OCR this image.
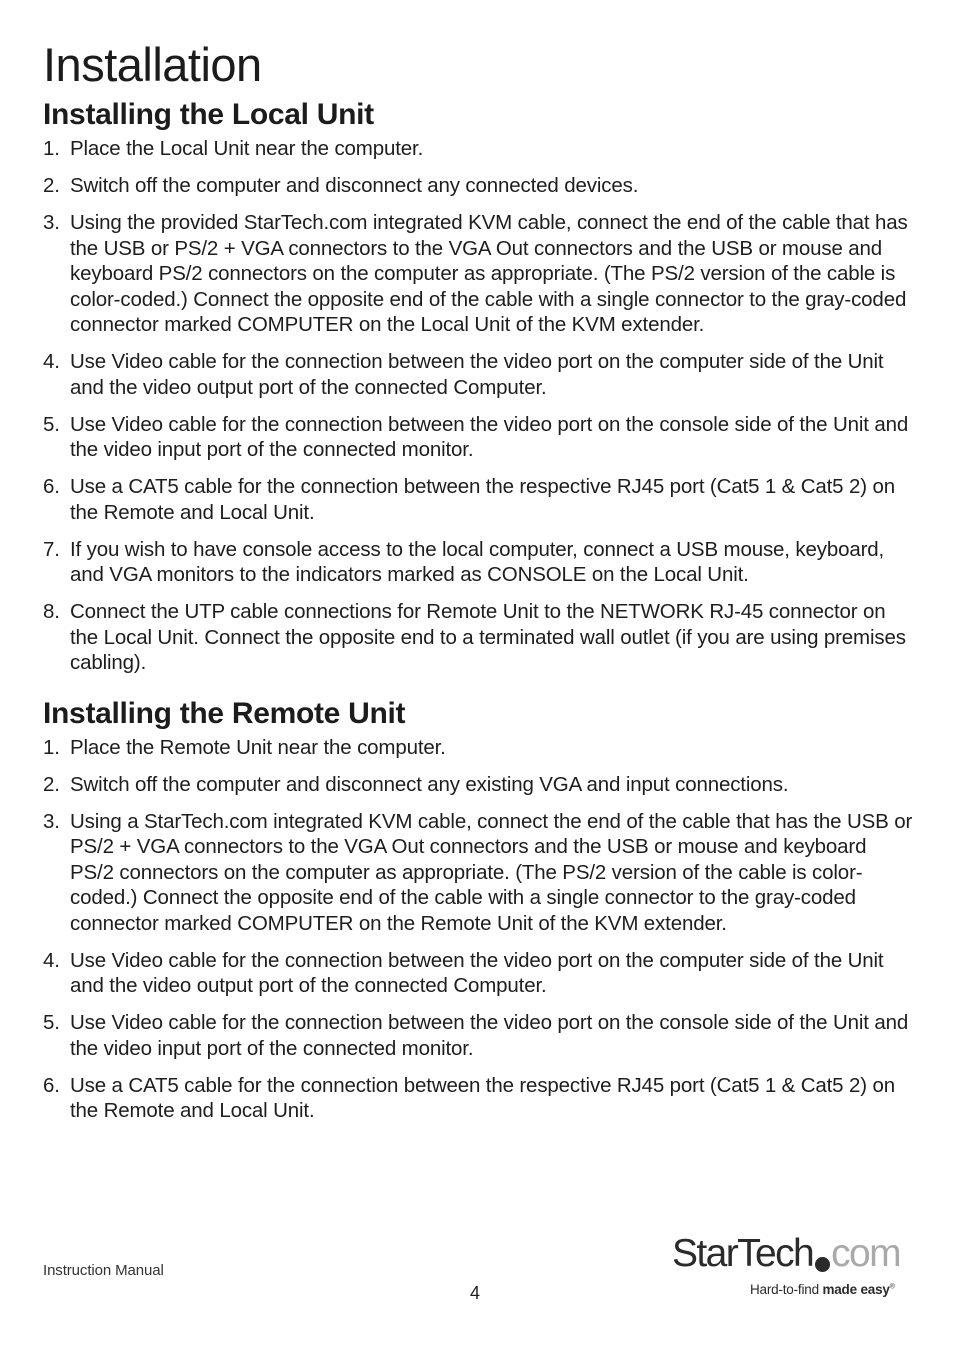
Installation
Installing the Local Unit
1. Place the Local Unit near the computer.
2. Switch off the computer and disconnect any connected devices.
3. Using the provided StarTech.com integrated KVM cable, connect the end of the cable that has the USB or PS/2 + VGA connectors to the VGA Out connectors and the USB or mouse and keyboard PS/2 connectors on the computer as appropriate. (The PS/2 version of the cable is color-coded.) Connect the opposite end of the cable with a single connector to the gray-coded connector marked COMPUTER on the Local Unit of the KVM extender.
4. Use Video cable for the connection between the video port on the computer side of the Unit and the video output port of the connected Computer.
5. Use Video cable for the connection between the video port on the console side of the Unit and the video input port of the connected monitor.
6. Use a CAT5 cable for the connection between the respective RJ45 port (Cat5 1 & Cat5 2) on the Remote and Local Unit.
7. If you wish to have console access to the local computer, connect a USB mouse, keyboard, and VGA monitors to the indicators marked as CONSOLE on the Local Unit.
8. Connect the UTP cable connections for Remote Unit to the NETWORK RJ-45 connector on the Local Unit. Connect the opposite end to a terminated wall outlet (if you are using premises cabling).
Installing the Remote Unit
1. Place the Remote Unit near the computer.
2. Switch off the computer and disconnect any existing VGA and input connections.
3. Using a StarTech.com integrated KVM cable, connect the end of the cable that has the USB or PS/2 + VGA connectors to the VGA Out connectors and the USB or mouse and keyboard PS/2 connectors on the computer as appropriate. (The PS/2 version of the cable is color-coded.) Connect the opposite end of the cable with a single connector to the gray-coded connector marked COMPUTER on the Remote Unit of the KVM extender.
4. Use Video cable for the connection between the video port on the computer side of the Unit and the video output port of the connected Computer.
5. Use Video cable for the connection between the video port on the console side of the Unit and the video input port of the connected monitor.
6. Use a CAT5 cable for the connection between the respective RJ45 port (Cat5 1 & Cat5 2) on the Remote and Local Unit.
Instruction Manual
4
StarTech com
Hard-to-find made easy®
